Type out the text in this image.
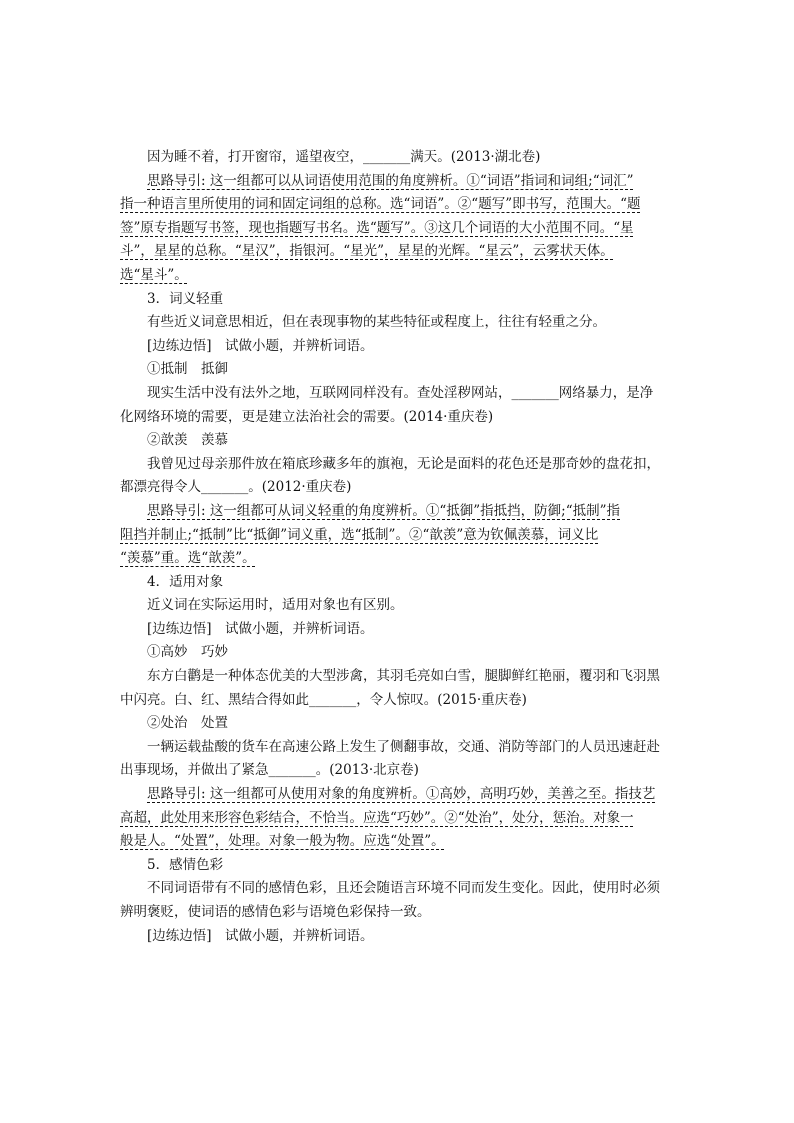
因为睡不着，打开窗帘，遥望夜空，_______满天。(2013·湖北卷)
思路导引: 这一组都可以从词语使用范围的角度辨析。①“词语”指词和词组;“词汇”
指一种语言里所使用的词和固定词组的总称。选“词语”。②“题写”即书写，范围大。“题
签”原专指题写书签，现也指题写书名。选“题写”。③这几个词语的大小范围不同。“星
斗”，星星的总称。“星汉”，指银河。“星光”，星星的光辉。“星云”，云雾状天体。
选“星斗”。
3．词义轻重
有些近义词意思相近，但在表现事物的某些特征或程度上，往往有轻重之分。
[边练边悟]　试做小题，并辨析词语。
①抵制　抵御
现实生活中没有法外之地，互联网同样没有。查处淫秽网站，_______网络暴力，是净
化网络环境的需要，更是建立法治社会的需要。(2014·重庆卷)
②歆羡　羡慕
我曾见过母亲那件放在箱底珍藏多年的旗袍，无论是面料的花色还是那奇妙的盘花扣，
都漂亮得令人_______。(2012·重庆卷)
思路导引: 这一组都可从词义轻重的角度辨析。①“抵御”指抵挡，防御;“抵制”指
阻挡并制止;“抵制”比“抵御”词义重，选“抵制”。②“歆羡”意为钦佩羡慕，词义比
“羡慕”重。选“歆羡”。
4．适用对象
近义词在实际运用时，适用对象也有区别。
[边练边悟]　试做小题，并辨析词语。
①高妙　巧妙
东方白鹳是一种体态优美的大型涉禽，其羽毛亮如白雪，腿脚鲜红艳丽，覆羽和飞羽黑
中闪亮。白、红、黑结合得如此_______，令人惊叹。(2015·重庆卷)
②处治　处置
一辆运载盐酸的货车在高速公路上发生了侧翻事故，交通、消防等部门的人员迅速赶赴
出事现场，并做出了紧急_______。(2013·北京卷)
思路导引: 这一组都可从使用对象的角度辨析。①高妙，高明巧妙，美善之至。指技艺
高超，此处用来形容色彩结合，不恰当。应选“巧妙”。②“处治”，处分，惩治。对象一
般是人。“处置”，处理。对象一般为物。应选“处置”。
5．感情色彩
不同词语带有不同的感情色彩，且还会随语言环境不同而发生变化。因此，使用时必须
辨明褒贬，使词语的感情色彩与语境色彩保持一致。
[边练边悟]　试做小题，并辨析词语。
